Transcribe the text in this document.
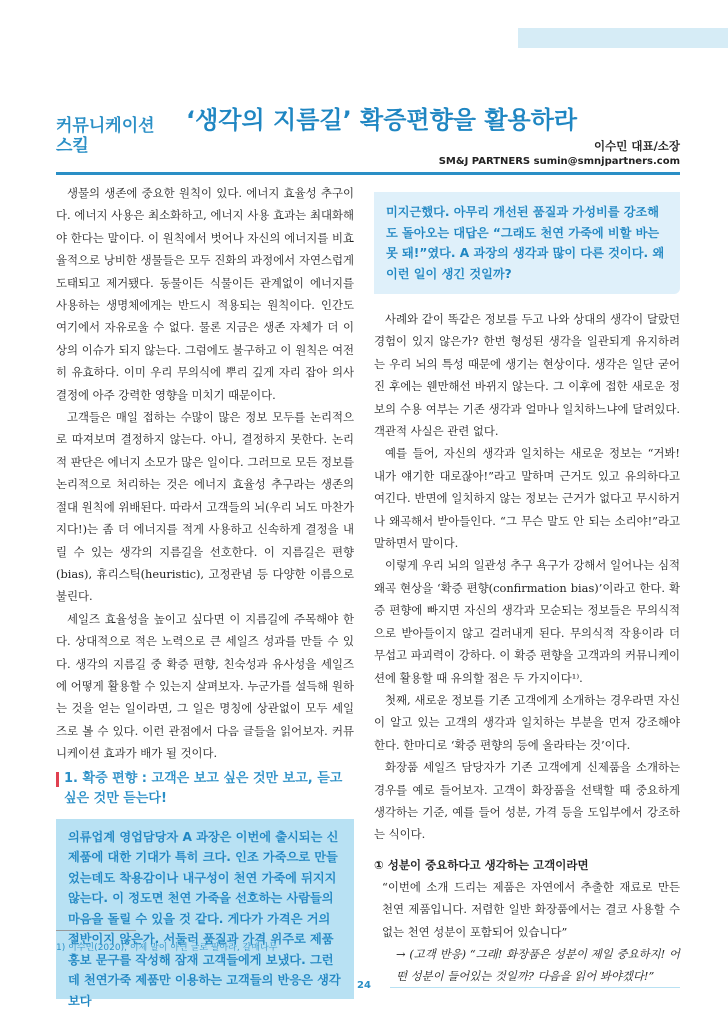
커뮤니케이션 스킬
‘생각의 지름길’ 확증편향을 활용하라
이수민 대표/소장
SM&J PARTNERS sumin@smnjpartners.com

생물의 생존에 중요한 원칙이 있다. 에너지 효율성 추구이다. 에너지 사용은 최소화하고, 에너지 사용 효과는 최대화해야 한다는 말이다. 이 원칙에서 벗어나 자신의 에너지를 비효율적으로 낭비한 생물들은 모두 진화의 과정에서 자연스럽게 도태되고 제거됐다. 동물이든 식물이든 관계없이 에너지를 사용하는 생명체에게는 반드시 적용되는 원칙이다. 인간도 여기에서 자유로울 수 없다. 물론 지금은 생존 자체가 더 이상의 이슈가 되지 않는다. 그럼에도 불구하고 이 원칙은 여전히 유효하다. 이미 우리 무의식에 뿌리 깊게 자리 잡아 의사결정에 아주 강력한 영향을 미치기 때문이다.

고객들은 매일 접하는 수많이 많은 정보 모두를 논리적으로 따져보며 결정하지 않는다. 아니, 결정하지 못한다. 논리적 판단은 에너지 소모가 많은 일이다. 그러므로 모든 정보를 논리적으로 처리하는 것은 에너지 효율성 추구라는 생존의 절대 원칙에 위배된다. 따라서 고객들의 뇌(우리 뇌도 마찬가지다!)는 좀 더 에너지를 적게 사용하고 신속하게 결정을 내릴 수 있는 생각의 지름길을 선호한다. 이 지름길은 편향(bias), 휴리스틱(heuristic), 고정관념 등 다양한 이름으로 불린다.

세일즈 효율성을 높이고 싶다면 이 지름길에 주목해야 한다. 상대적으로 적은 노력으로 큰 세일즈 성과를 만들 수 있다. 생각의 지름길 중 확증 편향, 친숙성과 유사성을 세일즈에 어떻게 활용할 수 있는지 살펴보자. 누군가를 설득해 원하는 것을 얻는 일이라면, 그 일은 명칭에 상관없이 모두 세일즈로 볼 수 있다. 이런 관점에서 다음 글들을 읽어보자. 커뮤니케이션 효과가 배가 될 것이다.

1. 확증 편향 : 고객은 보고 싶은 것만 보고, 듣고 싶은 것만 듣는다!
의류업계 영업담당자 A 과장은 이번에 출시되는 신제품에 대한 기대가 특히 크다. 인조 가죽으로 만들었는데도 착용감이나 내구성이 천연 가죽에 뒤지지 않는다. 이 정도면 천연 가죽을 선호하는 사람들의 마음을 돌릴 수 있을 것 같다. 게다가 가격은 거의 절반이지 않은가. 서둘러 품질과 가격 위주로 제품 홍보 문구를 작성해 잠재 고객들에게 보냈다. 그런데 천연가죽 제품만 이용하는 고객들의 반응은 생각보다
미지근했다. 아무리 개선된 품질과 가성비를 강조해도 돌아오는 대답은 “그래도 천연 가죽에 비할 바는 못 돼!”였다. A 과장의 생각과 많이 다른 것이다. 왜 이런 일이 생긴 것일까?

사례와 같이 똑같은 정보를 두고 나와 상대의 생각이 달랐던 경험이 있지 않은가? 한번 형성된 생각을 일관되게 유지하려는 우리 뇌의 특성 때문에 생기는 현상이다. 생각은 일단 굳어진 후에는 웬만해선 바뀌지 않는다. 그 이후에 접한 새로운 정보의 수용 여부는 기존 생각과 얼마나 일치하느냐에 달려있다. 객관적 사실은 관련 없다.

예를 들어, 자신의 생각과 일치하는 새로운 정보는 “거봐! 내가 얘기한 대로잖아!”라고 말하며 근거도 있고 유의하다고 여긴다. 반면에 일치하지 않는 정보는 근거가 없다고 무시하거나 왜곡해서 받아들인다. “그 무슨 말도 안 되는 소리야!”라고 말하면서 말이다.

이렇게 우리 뇌의 일관성 추구 욕구가 강해서 일어나는 심적 왜곡 현상을 ‘확증 편향(confirmation bias)’이라고 한다. 확증 편향에 빠지면 자신의 생각과 모순되는 정보들은 무의식적으로 받아들이지 않고 걸러내게 된다. 무의식적 작용이라 더 무섭고 파괴력이 강하다. 이 확증 편향을 고객과의 커뮤니케이션에 활용할 때 유의할 점은 두 가지이다¹⁾.

첫째, 새로운 정보를 기존 고객에게 소개하는 경우라면 자신이 알고 있는 고객의 생각과 일치하는 부분을 먼저 강조해야 한다. 한마디로 ‘확증 편향의 등에 올라타는 것’이다.

화장품 세일즈 담당자가 기존 고객에게 신제품을 소개하는 경우를 예로 들어보자. 고객이 화장품을 선택할 때 중요하게 생각하는 기준, 예를 들어 성분, 가격 등을 도입부에서 강조하는 식이다.

① 성분이 중요하다고 생각하는 고객이라면

“이번에 소개 드리는 제품은 자연에서 추출한 재료로 만든 천연 제품입니다. 저렴한 일반 화장품에서는 결코 사용할 수 없는 천연 성분이 포함되어 있습니다”

→ (고객 반응) “그래! 화장품은 성분이 제일 중요하지! 어떤 성분이 들어있는 것일까? 다음을 읽어 봐야겠다!”

1) 이수민(2020), 이제 말이 아닌 글로 팔아라, 갈매나무
24
